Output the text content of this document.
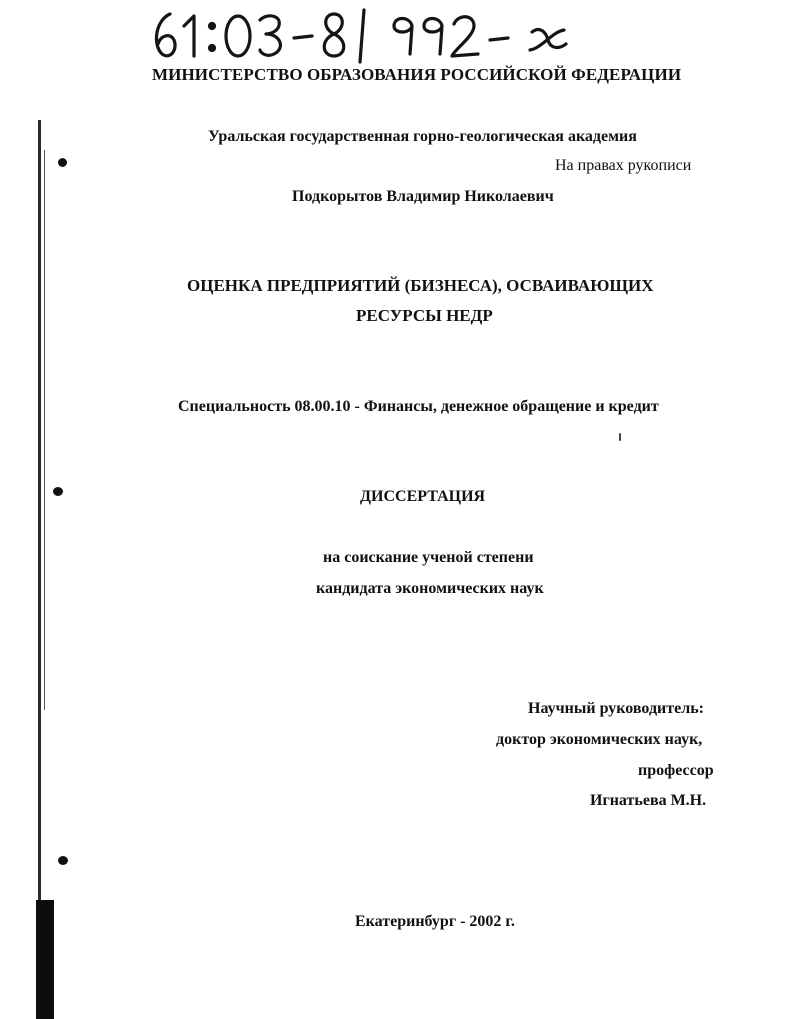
МИНИСТЕРСТВО ОБРАЗОВАНИЯ РОССИЙСКОЙ ФЕДЕРАЦИИ
Уральская государственная горно-геологическая академия
На правах рукописи
Подкорытов Владимир Николаевич
ОЦЕНКА ПРЕДПРИЯТИЙ (БИЗНЕСА), ОСВАИВАЮЩИХ
РЕСУРСЫ НЕДР
Специальность 08.00.10 - Финансы, денежное обращение и кредит
ДИССЕРТАЦИЯ
на соискание ученой степени
кандидата экономических наук
Научный руководитель:
доктор экономических наук,
профессор
Игнатьева М.Н.
Екатеринбург - 2002 г.
